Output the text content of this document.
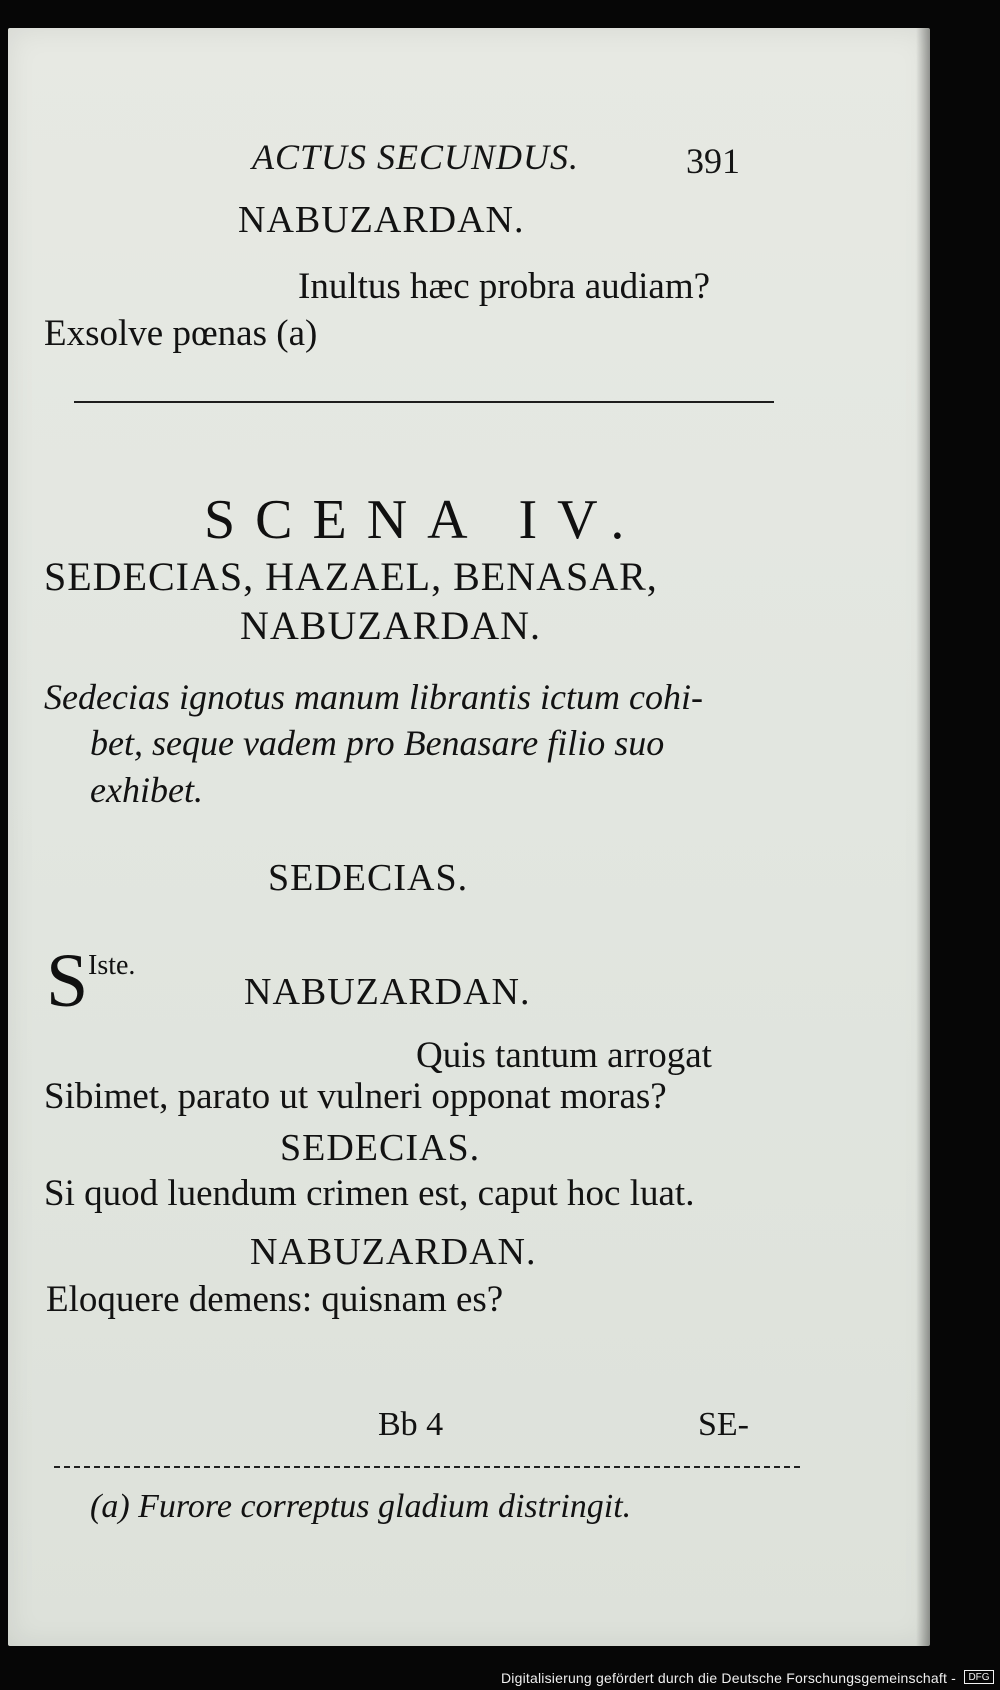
ACTUS SECUNDUS.	391
NABUZARDAN.
Inultus hæc probra audiam?
Exsolve pœnas (a)
SCENA IV.
SEDECIAS, HAZAEL, BENASAR,
NABUZARDAN.
Sedecias ignotus manum librantis ictum cohi-
bet, seque vadem pro Benasare filio suo
exhibet.
SEDECIAS.
S Iste.
NABUZARDAN.
Quis tantum arrogat
Sibimet, parato ut vulneri opponat moras?
SEDECIAS.
Si quod luendum crimen est, caput hoc luat.
NABUZARDAN.
Eloquere demens: quisnam es?
Bb 4	SE-
(a) Furore correptus gladium distringit.
Digitalisierung gefördert durch die Deutsche Forschungsgemeinschaft -	DFG
